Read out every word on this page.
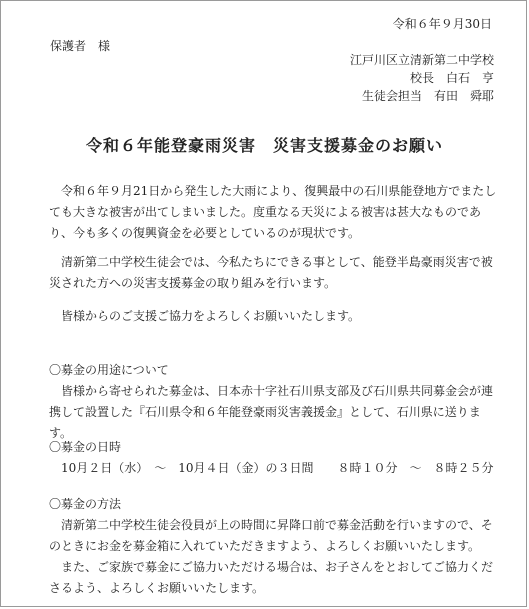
令和６年９月30日
保護者　様
江戸川区立清新第二中学校
校長　白石　亨
生徒会担当　有田　舜耶
令和６年能登豪雨災害　災害支援募金のお願い

令和６年９月21日から発生した大雨により、復興最中の石川県能登地方でまたしても大きな被害が出てしまいました。度重なる天災による被害は甚大なものであり、今も多くの復興資金を必要としているのが現状です。

清新第二中学校生徒会では、今私たちにできる事として、能登半島豪雨災害で被災された方への災害支援募金の取り組みを行います。

皆様からのご支援ご協力をよろしくお願いいたします。

〇募金の用途について

皆様から寄せられた募金は、日本赤十字社石川県支部及び石川県共同募金会が連携して設置した『石川県令和６年能登豪雨災害義援金』として、石川県に送ります。

〇募金の日時

10月２日（水）　～　10月４日（金）の３日間　　８時１０分　～　８時２５分

〇募金の方法

清新第二中学校生徒会役員が上の時間に昇降口前で募金活動を行いますので、そのときにお金を募金箱に入れていただきますよう、よろしくお願いいたします。

また、ご家族で募金にご協力いただける場合は、お子さんをとおしてご協力くださるよう、よろしくお願いいたします。
